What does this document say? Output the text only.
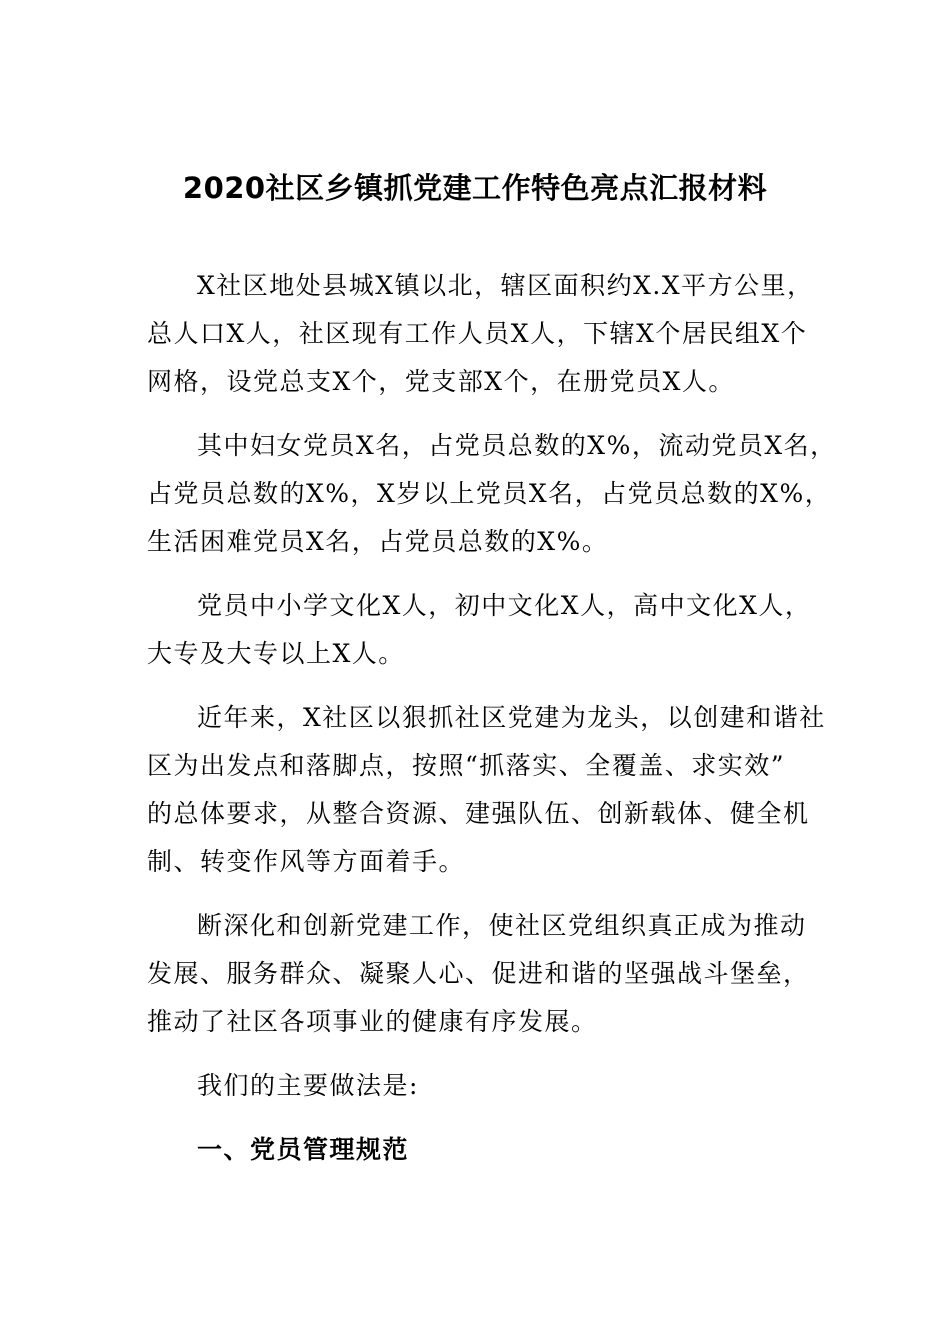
2020社区乡镇抓党建工作特色亮点汇报材料
X社区地处县城X镇以北，辖区面积约X.X平方公里，
总人口X人，社区现有工作人员X人，下辖X个居民组X个
网格，设党总支X个，党支部X个，在册党员X人。
其中妇女党员X名，占党员总数的X%，流动党员X名，
占党员总数的X%，X岁以上党员X名，占党员总数的X%，
生活困难党员X名，占党员总数的X%。
党员中小学文化X人，初中文化X人，高中文化X人，
大专及大专以上X人。
近年来，X社区以狠抓社区党建为龙头，以创建和谐社
区为出发点和落脚点，按照“抓落实、全覆盖、求实效”
的总体要求，从整合资源、建强队伍、创新载体、健全机
制、转变作风等方面着手。
断深化和创新党建工作，使社区党组织真正成为推动
发展、服务群众、凝聚人心、促进和谐的坚强战斗堡垒，
推动了社区各项事业的健康有序发展。
我们的主要做法是:
一、党员管理规范
